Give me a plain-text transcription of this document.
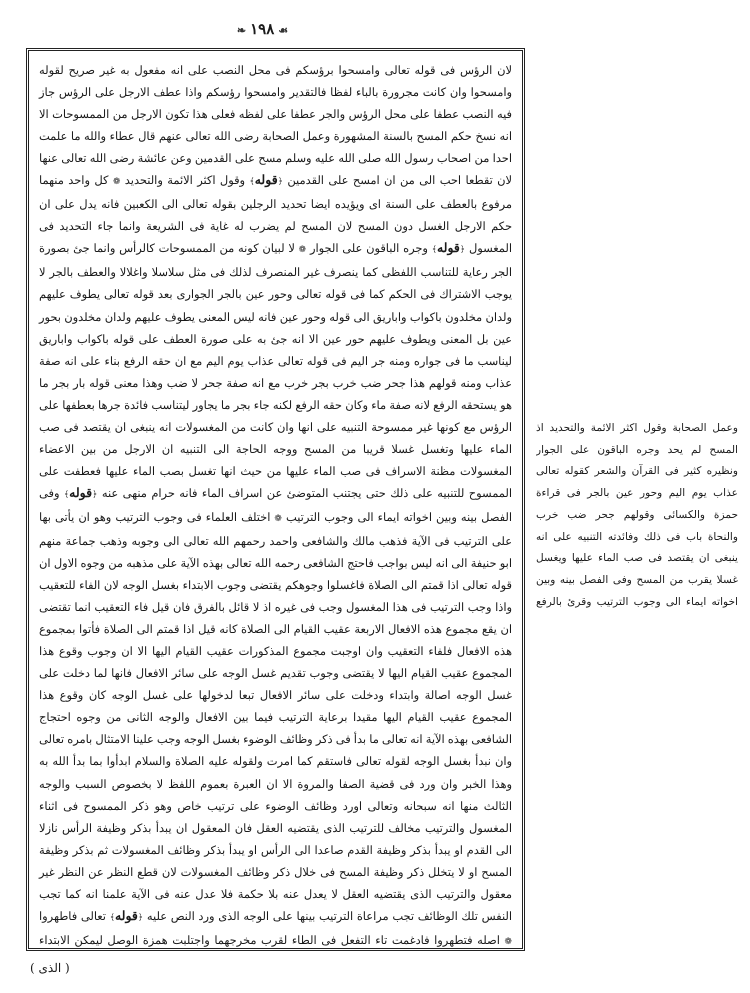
❧ ١٩٨ ☙

لان الرؤس فى قوله تعالى وامسحوا برؤسكم فى محل النصب على انه مفعول به غير صريح لقوله وامسحوا وان كانت مجرورة بالباء لفظا فالتقدير وامسحوا رؤسكم واذا عطف الارجل على الرؤس جاز فيه النصب عطفا على محل الرؤس والجر عطفا على لفظه فعلى هذا تكون الارجل من الممسوحات الا انه نسخ حكم المسح بالسنة المشهورة وعمل الصحابة رضى الله تعالى عنهم قال عطاء والله ما علمت احدا من اصحاب رسول الله صلى الله عليه وسلم مسح على القدمين وعن عائشة رضى الله تعالى عنها لان تقطعا احب الى من ان امسح على القدمين ﴿قوله﴾ وقول اكثر الائمة والتحديد ❁ كل واحد منهما مرفوع بالعطف على السنة اى ويؤيده ايضا تحديد الرجلين بقوله تعالى الى الكعبين فانه يدل على ان حكم الارجل الغسل دون المسح لان المسح لم يضرب له غاية فى الشريعة وانما جاء التحديد فى المغسول ﴿قوله﴾ وجره الباقون على الجوار ❁ لا لبيان كونه من الممسوحات كالرأس وانما جئ بصورة الجر رعاية للتناسب اللفظى كما ينصرف غير المنصرف لذلك فى مثل سلاسلا واغلالا والعطف بالجر لا يوجب الاشتراك فى الحكم كما فى قوله تعالى وحور عين بالجر الجوارى بعد قوله تعالى يطوف عليهم ولدان مخلدون باكواب واباريق الى قوله وحور عين فانه ليس المعنى يطوف عليهم ولدان مخلدون بحور عين بل المعنى ويطوف عليهم حور عين الا انه جئ به على صورة العطف على قوله باكواب واباريق ليناسب ما فى جواره ومنه جر اليم فى قوله تعالى عذاب يوم اليم مع ان حقه الرفع بناء على انه صفة عذاب ومنه قولهم هذا جحر ضب خرب بجر خرب مع انه صفة جحر لا ضب وهذا معنى قوله بار بجر ما هو يستحقه الرفع لانه صفة ماء وكان حقه الرفع لكنه جاء بجر ما يجاور ليتناسب فائدة جرها بعطفها على الرؤس مع كونها غير ممسوحة التنبيه على انها وان كانت من المغسولات انه ينبغى ان يقتصد فى صب الماء عليها وتغسل غسلا قريبا من المسح ووجه الحاجة الى التنبيه ان الارجل من بين الاعضاء المغسولات مظنة الاسراف فى صب الماء عليها من حيث انها تغسل بصب الماء عليها فعطفت على الممسوح للتنبيه على ذلك حتى يجتنب المتوضئ عن اسراف الماء فانه حرام منهى عنه ﴿قوله﴾ وفى الفصل بينه وبين اخواته ايماء الى وجوب الترتيب ❁ اختلف العلماء فى وجوب الترتيب وهو ان يأتى بها على الترتيب فى الآية فذهب مالك والشافعى واحمد رحمهم الله تعالى الى وجوبه وذهب جماعة منهم ابو حنيفة الى انه ليس بواجب فاحتج الشافعى رحمه الله تعالى بهذه الآية على مذهبه من وجوه الاول ان قوله تعالى اذا قمتم الى الصلاة فاغسلوا وجوهكم يقتضى وجوب الابتداء بغسل الوجه لان الفاء للتعقيب واذا وجب الترتيب فى هذا المغسول وجب فى غيره اذ لا قائل بالفرق فان قيل فاء التعقيب انما تقتضى ان يقع مجموع هذه الافعال الاربعة عقيب القيام الى الصلاة كانه قيل اذا قمتم الى الصلاة فأتوا بمجموع هذه الافعال فلفاء التعقيب وان اوجبت مجموع المذكورات عقيب القيام اليها الا ان وجوب وقوع هذا المجموع عقيب القيام اليها لا يقتضى وجوب تقديم غسل الوجه على سائر الافعال فانها لما دخلت على غسل الوجه اصالة وابتداء ودخلت على سائر الافعال تبعا لدخولها على غسل الوجه كان وقوع هذا المجموع عقيب القيام اليها مقيدا برعاية الترتيب فيما بين الافعال والوجه الثانى من وجوه احتجاج الشافعى بهذه الآية انه تعالى ما بدأ فى ذكر وظائف الوضوء بغسل الوجه وجب علينا الامتثال بامره تعالى وان نبدأ بغسل الوجه لقوله تعالى فاستقم كما امرت ولقوله عليه الصلاة والسلام ابدأوا بما بدأ الله به وهذا الخبر وان ورد فى قضية الصفا والمروة الا ان العبرة بعموم اللفظ لا بخصوص السبب والوجه الثالث منها انه سبحانه وتعالى اورد وظائف الوضوء على ترتيب خاص وهو ذكر الممسوح فى اثناء المغسول والترتيب مخالف للترتيب الذى يقتضيه العقل فان المعقول ان يبدأ بذكر وظيفة الرأس نازلا الى القدم او يبدأ بذكر وظيفة القدم صاعدا الى الرأس او يبدأ بذكر وظائف المغسولات ثم بذكر وظيفة المسح او لا يتخلل ذكر وظيفة المسح فى خلال ذكر وظائف المغسولات لان قطع النظر عن النظر غير معقول والترتيب الذى يقتضيه العقل لا يعدل عنه بلا حكمة فلا عدل عنه فى الآية علمنا انه كما تجب النفس تلك الوظائف تجب مراعاة الترتيب بينها على الوجه الذى ورد النص عليه ﴿قوله﴾ تعالى فاطهروا ❁ اصله فتطهروا فادغمت تاء التفعل فى الطاء لقرب مخرجهما واجتلبت همزة الوصل ليمكن الابتداء

وعمل الصحابة وقول اكثر الائمة والتحديد اذ المسح لم يحد وجره الباقون على الجوار ونظيره كثير فى القرآن والشعر كقوله تعالى عذاب يوم اليم وحور عين بالجر فى قراءة حمزة والكسائى وقولهم جحر ضب خرب والنحاة باب فى ذلك وفائدته التنبيه على انه ينبغى ان يقتصد فى صب الماء عليها ويغسل غسلا يقرب من المسح وفى الفصل بينه وبين اخواته ايماء الى وجوب الترتيب وقرئ بالرفع

( الذى )
